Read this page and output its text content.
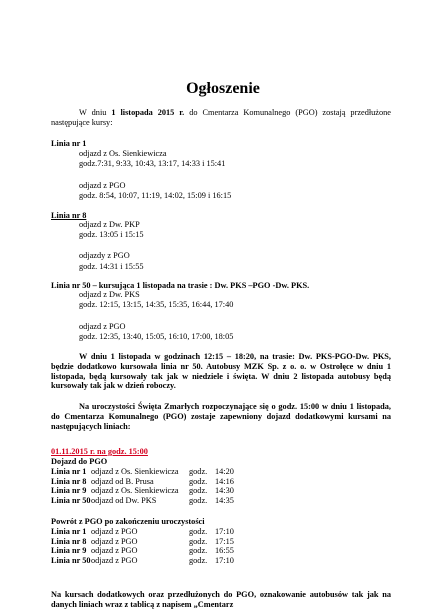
Ogłoszenie
W dniu 1 listopada 2015 r. do Cmentarza Komunalnego (PGO) zostają przedłużone następujące kursy:
Linia nr 1
odjazd z Os. Sienkiewicza
godz.7:31, 9:33, 10:43, 13:17, 14:33 i 15:41
odjazd z PGO
godz. 8:54, 10:07, 11:19, 14:02, 15:09 i 16:15
Linia nr 8
odjazd z Dw. PKP
godz. 13:05 i 15:15
odjazdy z PGO
godz. 14:31 i 15:55
Linia nr 50 – kursująca 1 listopada na trasie : Dw. PKS –PGO -Dw. PKS.
odjazd z Dw. PKS
godz. 12:15, 13:15, 14:35, 15:35, 16:44, 17:40
odjazd z PGO
godz. 12:35, 13:40, 15:05, 16:10, 17:00, 18:05
W dniu 1 listopada w godzinach 12:15 – 18:20, na trasie: Dw. PKS-PGO-Dw. PKS, będzie dodatkowo kursowała linia nr 50. Autobusy MZK Sp. z o. o. w Ostrołęce w dniu 1 listopada, będą kursowały tak jak w niedziele i święta. W dniu 2 listopada autobusy będą kursowały tak jak w dzień roboczy.
Na uroczystości Święta Zmarłych rozpoczynające się o godz. 15:00 w dniu 1 listopada, do Cmentarza Komunalnego (PGO) zostaje zapewniony dojazd dodatkowymi kursami na następujących liniach:
01.11.2015 r. na godz. 15:00
Dojazd do PGO
Linia nr 1	odjazd z Os. Sienkiewicza	godz.	14:20
Linia nr 8	odjazd od B. Prusa	godz.	14:16
Linia nr 9	odjazd z Os. Sienkiewicza	godz.	14:30
Linia nr 50	odjazd od Dw. PKS	godz.	14:35
Powrót z PGO po zakończeniu uroczystości
Linia nr 1	odjazd z PGO	godz.	17:10
Linia nr 8	odjazd z PGO	godz.	17:15
Linia nr 9	odjazd z PGO	godz.	16:55
Linia nr 50	odjazd z PGO	godz.	17:10
Na kursach dodatkowych oraz przedłużonych do PGO, oznakowanie autobusów tak jak na danych liniach wraz z tablicą z napisem „Cmentarz
